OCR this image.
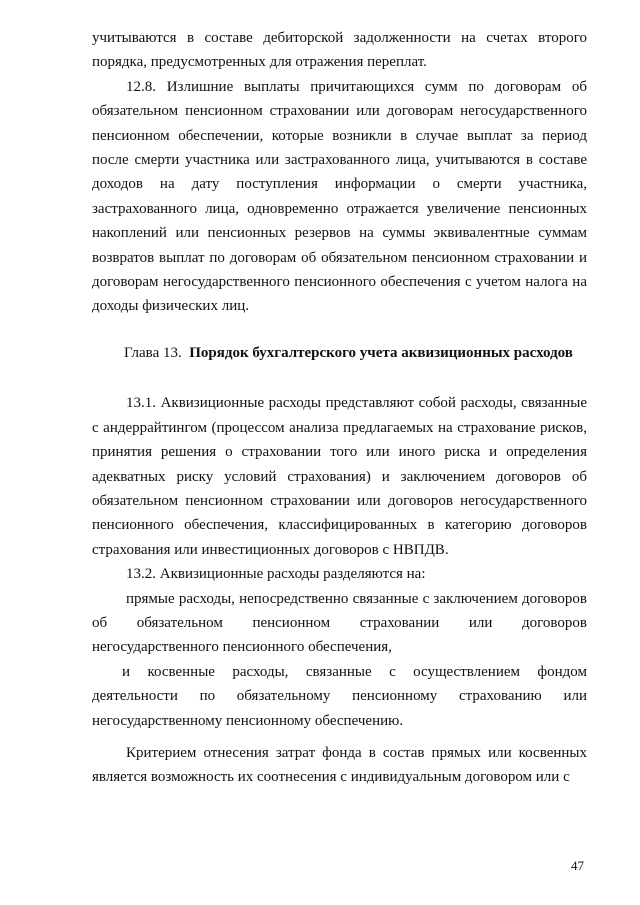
учитываются в составе дебиторской задолженности на счетах второго порядка, предусмотренных для отражения переплат.

12.8. Излишние выплаты причитающихся сумм по договорам об обязательном пенсионном страховании или договорам негосударственного пенсионном обеспечении, которые возникли в случае выплат за период после смерти участника или застрахованного лица, учитываются в составе доходов на дату поступления информации о смерти участника, застрахованного лица, одновременно отражается увеличение пенсионных накоплений или пенсионных резервов на суммы эквивалентные суммам возвратов выплат по договорам об обязательном пенсионном страховании и договорам негосударственного пенсионного обеспечения с учетом налога на доходы физических лиц.

Глава 13. Порядок бухгалтерского учета аквизиционных расходов

13.1. Аквизиционные расходы представляют собой расходы, связанные с андеррайтингом (процессом анализа предлагаемых на страхование рисков, принятия решения о страховании того или иного риска и определения адекватных риску условий страхования) и заключением договоров об обязательном пенсионном страховании или договоров негосударственного пенсионного обеспечения, классифицированных в категорию договоров страхования или инвестиционных договоров с НВПДВ.

13.2. Аквизиционные расходы разделяются на:

прямые расходы, непосредственно связанные с заключением договоров об обязательном пенсионном страховании или договоров негосударственного пенсионного обеспечения,

и косвенные расходы, связанные с осуществлением фондом деятельности по обязательному пенсионному страхованию или негосударственному пенсионному обеспечению.

Критерием отнесения затрат фонда в состав прямых или косвенных является возможность их соотнесения с индивидуальным договором или с

47
